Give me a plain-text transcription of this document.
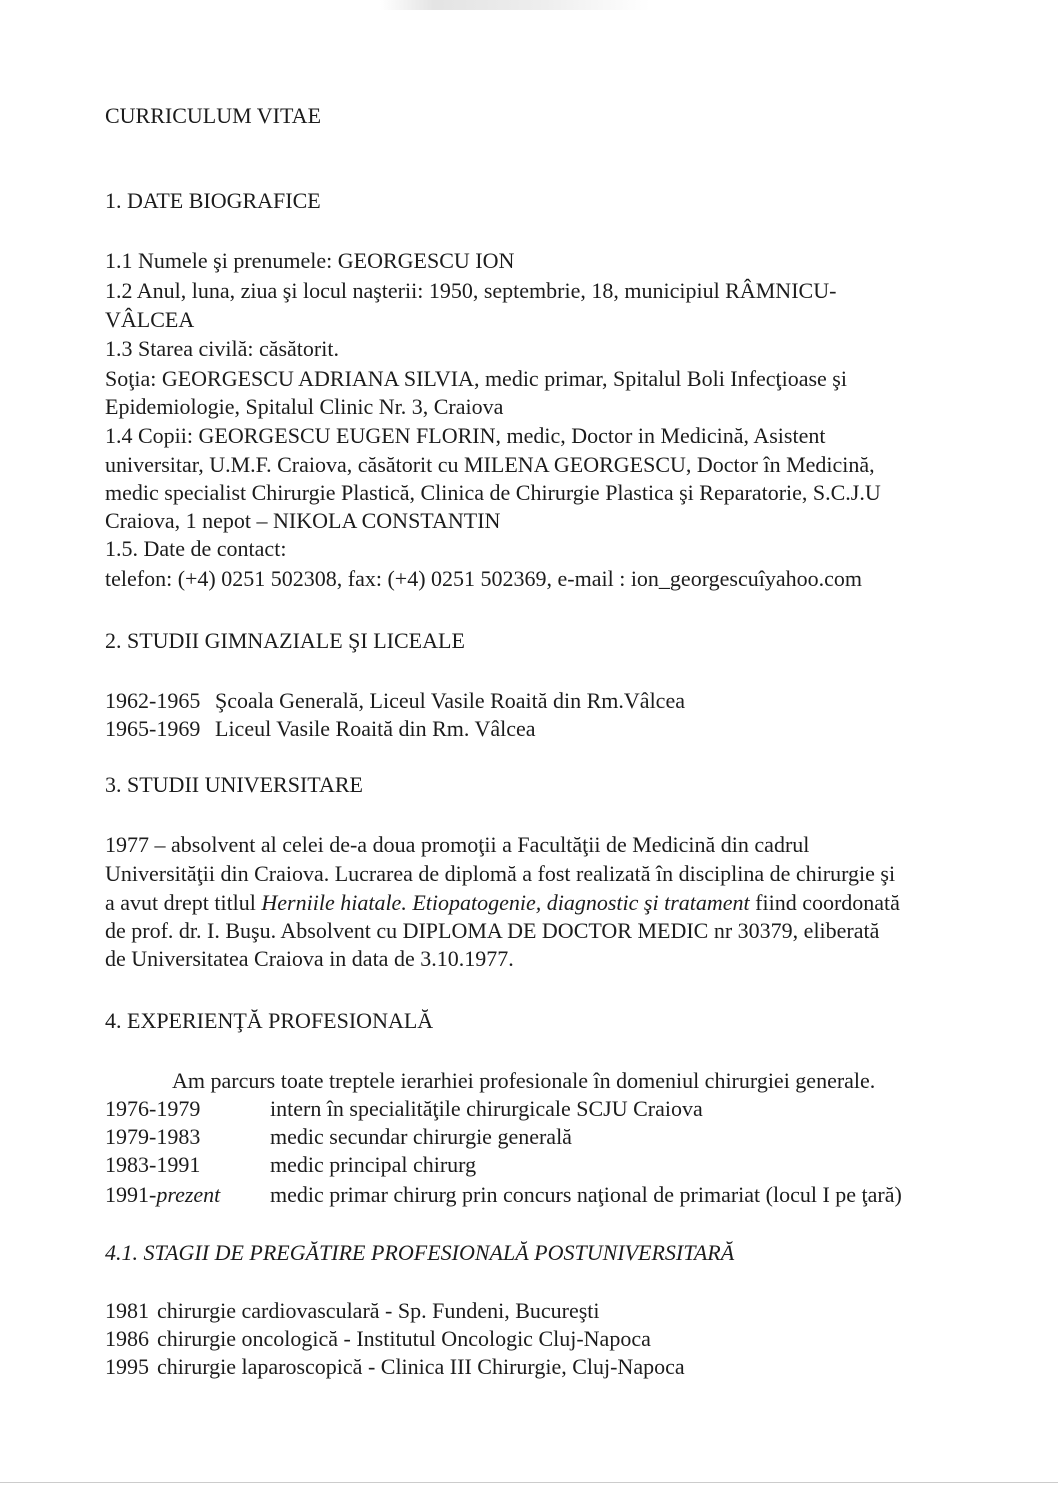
CURRICULUM VITAE
1. DATE BIOGRAFICE
1.1 Numele şi prenumele: GEORGESCU ION
1.2 Anul, luna, ziua şi locul naşterii: 1950, septembrie, 18, municipiul RÂMNICU-
VÂLCEA
1.3 Starea civilă: căsătorit.
Soţia: GEORGESCU ADRIANA SILVIA, medic primar, Spitalul Boli Infecţioase şi
Epidemiologie, Spitalul Clinic Nr. 3, Craiova
1.4 Copii: GEORGESCU EUGEN FLORIN, medic, Doctor in Medicină, Asistent
universitar, U.M.F. Craiova, căsătorit cu MILENA GEORGESCU, Doctor în Medicină,
medic specialist Chirurgie Plastică, Clinica de Chirurgie Plastica şi Reparatorie, S.C.J.U
Craiova, 1 nepot – NIKOLA CONSTANTIN
1.5. Date de contact:
telefon: (+4) 0251 502308, fax: (+4) 0251 502369, e-mail : ion_georgescuîyahoo.com
2. STUDII GIMNAZIALE ŞI LICEALE
1962-1965 Şcoala Generală, Liceul Vasile Roaită din Rm.Vâlcea
1965-1969 Liceul Vasile Roaită din Rm. Vâlcea
3. STUDII UNIVERSITARE
1977 – absolvent al celei de-a doua promoţii a Facultăţii de Medicină din cadrul
Universităţii din Craiova. Lucrarea de diplomă a fost realizată în disciplina de chirurgie şi
a avut drept titlul Herniile hiatale. Etiopatogenie, diagnostic şi tratament fiind coordonată
de prof. dr. I. Buşu. Absolvent cu DIPLOMA DE DOCTOR MEDIC nr 30379, eliberată
de Universitatea Craiova in data de 3.10.1977.
4. EXPERIENŢĂ PROFESIONALĂ
Am parcurs toate treptele ierarhiei profesionale în domeniul chirurgiei generale.
1976-1979	intern în specialităţile chirurgicale SCJU Craiova
1979-1983	medic secundar chirurgie generală
1983-1991	medic principal chirurg
1991-prezent medic primar chirurg prin concurs naţional de primariat (locul I pe ţară)
4.1. STAGII DE PREGĂTIRE PROFESIONALĂ POSTUNIVERSITARĂ
1981 chirurgie cardiovasculară - Sp. Fundeni, Bucureşti
1986 chirurgie oncologică - Institutul Oncologic Cluj-Napoca
1995 chirurgie laparoscopică - Clinica III Chirurgie, Cluj-Napoca
